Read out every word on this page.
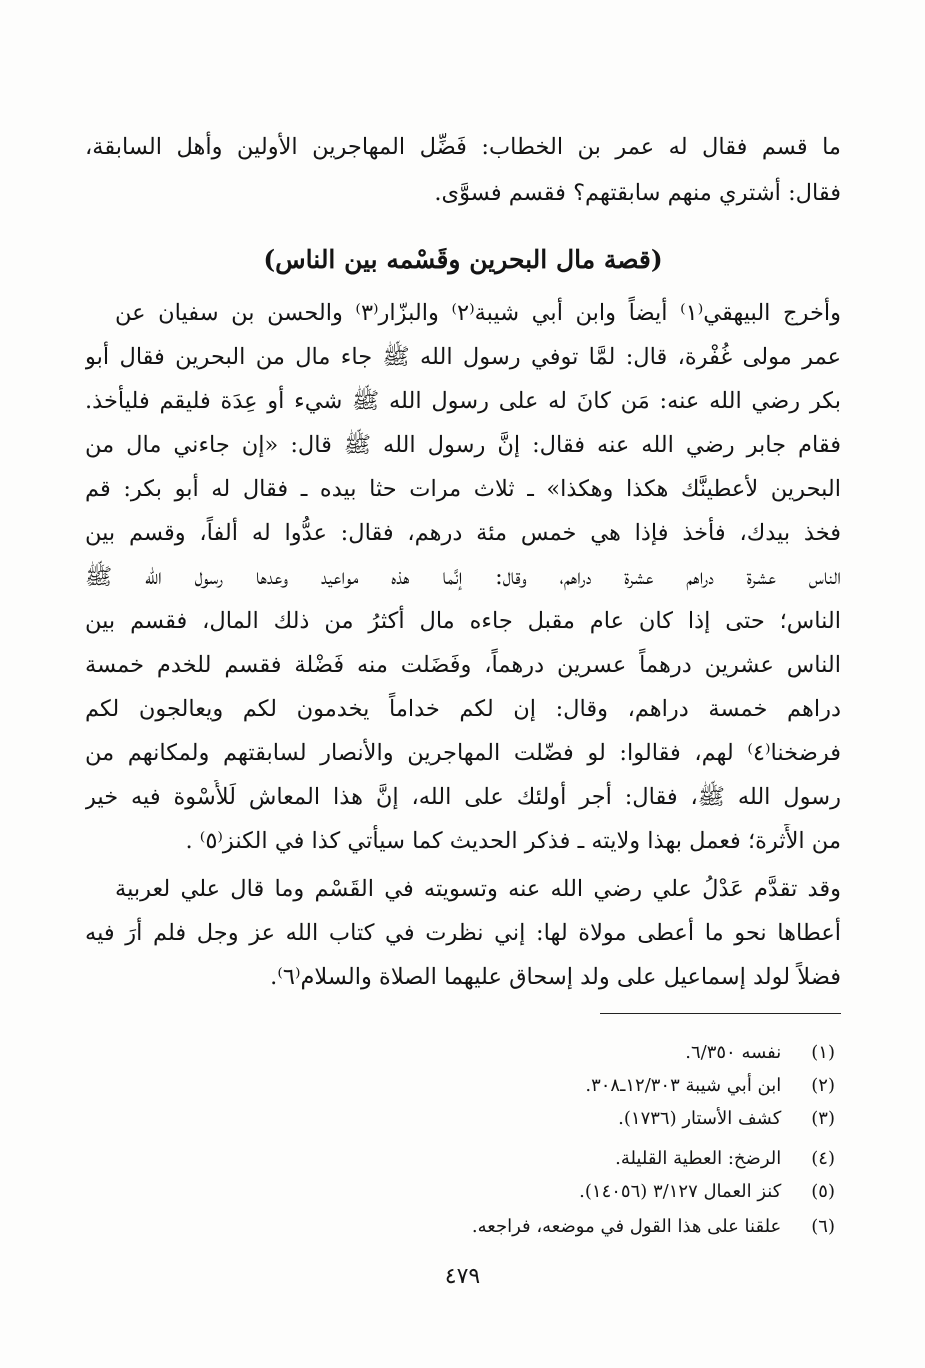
ما قسم فقال له عمر بن الخطاب: فَضِّل المهاجرين الأولين وأهل السابقة،
فقال: أشتري منهم سابقتهم؟ فقسم فسوَّى.
(قصة مال البحرين وقَسْمه بين الناس)
وأخرج البيهقي⁽١⁾ أيضاً وابن أبي شيبة⁽٢⁾ والبزّار⁽٣⁾ والحسن بن سفيان عن
عمر مولى غُفْرة، قال: لمَّا توفي رسول الله ﷺ جاء مال من البحرين فقال أبو
بكر رضي الله عنه: مَن كانَ له على رسول الله ﷺ شيء أو عِدَة فليقم فليأخذ.
فقام جابر رضي الله عنه فقال: إنَّ رسول الله ﷺ قال: «إن جاءني مال من
البحرين لأعطينَّك هكذا وهكذا» ـ ثلاث مرات حثا بيده ـ فقال له أبو بكر: قم
فخذ بيدك، فأخذ فإذا هي خمس مئة درهم، فقال: عدُّوا له ألفاً، وقسم بين
الناس عشرة دراهم عشرة دراهم، وقال: إنَّما هذه مواعيد وعدها رسول الله ﷺ
الناس؛ حتى إذا كان عام مقبل جاءه مال أكثرُ من ذلك المال، فقسم بين
الناس عشرين درهماً عسرين درهماً، وفَضَلت منه فَضْلة فقسم للخدم خمسة
دراهم خمسة دراهم، وقال: إن لكم خداماً يخدمون لكم ويعالجون لكم
فرضخنا⁽٤⁾ لهم، فقالوا: لو فضّلت المهاجرين والأنصار لسابقتهم ولمكانهم من
رسول الله ﷺ، فقال: أجر أولئك على الله، إنَّ هذا المعاش لَلأُسْوة فيه خير
من الأَثرة؛ فعمل بهذا ولايته ـ فذكر الحديث كما سيأتي كذا في الكنز⁽٥⁾ .
وقد تقدَّم عَدْلُ علي رضي الله عنه وتسويته في القَسْم وما قال علي لعربية
أعطاها نحو ما أعطى مولاة لها: إني نظرت في كتاب الله عز وجل فلم أرَ فيه
فضلاً لولد إسماعيل على ولد إسحاق عليهما الصلاة والسلام⁽٦⁾.
(١) نفسه ٦/٣٥٠.
(٢) ابن أبي شيبة ١٢/٣٠٣ـ٣٠٨.
(٣) كشف الأستار (١٧٣٦).
(٤) الرضخ: العطية القليلة.
(٥) كنز العمال ٣/١٢٧ (١٤٠٥٦).
(٦) علقنا على هذا القول في موضعه، فراجعه.
٤٧٩
